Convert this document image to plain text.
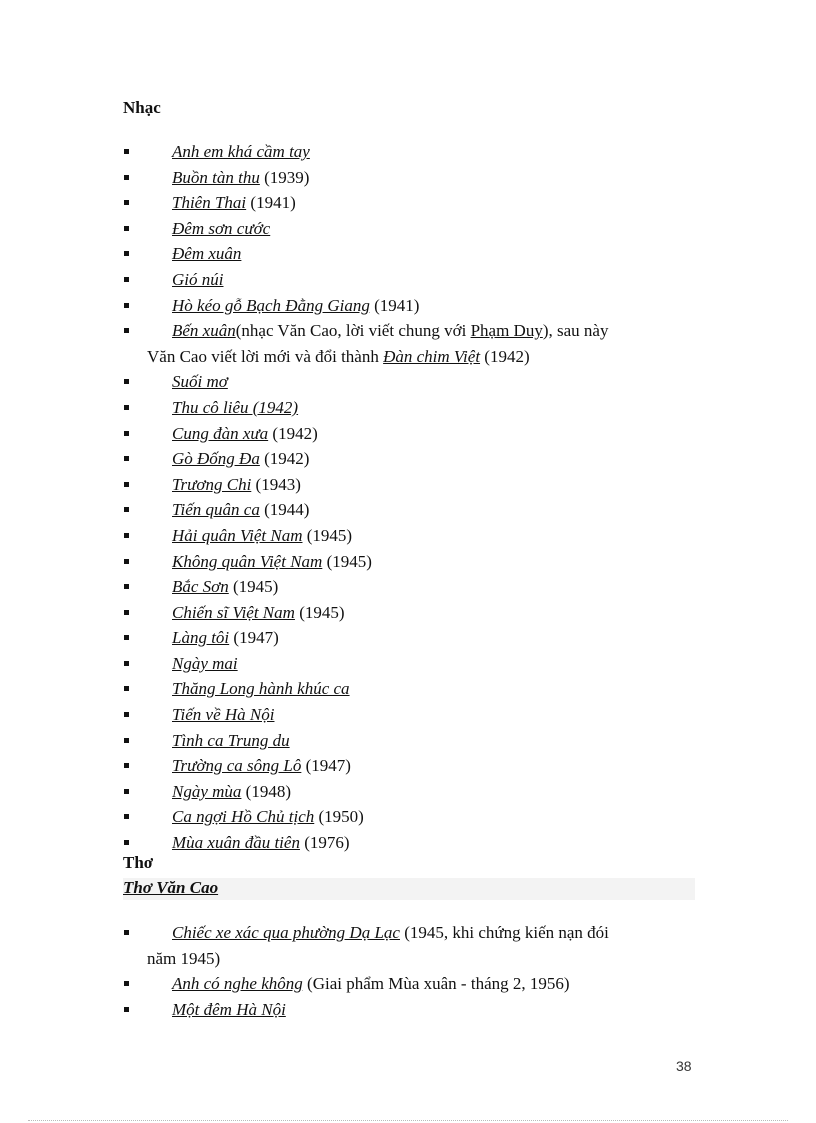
Nhạc
Anh em khá cầm tay
Buồn tàn thu (1939)
Thiên Thai (1941)
Đêm sơn cước
Đêm xuân
Gió núi
Hò kéo gỗ Bạch Đằng Giang (1941)
Bến xuân(nhạc Văn Cao, lời viết chung với Phạm Duy), sau này
Văn Cao viết lời mới và đổi thành Đàn chim Việt (1942)
Suối mơ
Thu cô liêu (1942)
Cung đàn xưa (1942)
Gò Đống Đa (1942)
Trương Chi (1943)
Tiến quân ca (1944)
Hải quân Việt Nam (1945)
Không quân Việt Nam (1945)
Bắc Sơn (1945)
Chiến sĩ Việt Nam (1945)
Làng tôi (1947)
Ngày mai
Thăng Long hành khúc ca
Tiến về Hà Nội
Tình ca Trung du
Trường ca sông Lô (1947)
Ngày mùa (1948)
Ca ngợi Hồ Chủ tịch (1950)
Mùa xuân đầu tiên (1976)
Thơ
Thơ Văn Cao
Chiếc xe xác qua phường Dạ Lạc (1945, khi chứng kiến nạn đói
năm 1945)
Anh có nghe không (Giai phẩm Mùa xuân - tháng 2, 1956)
Một đêm Hà Nội
38
